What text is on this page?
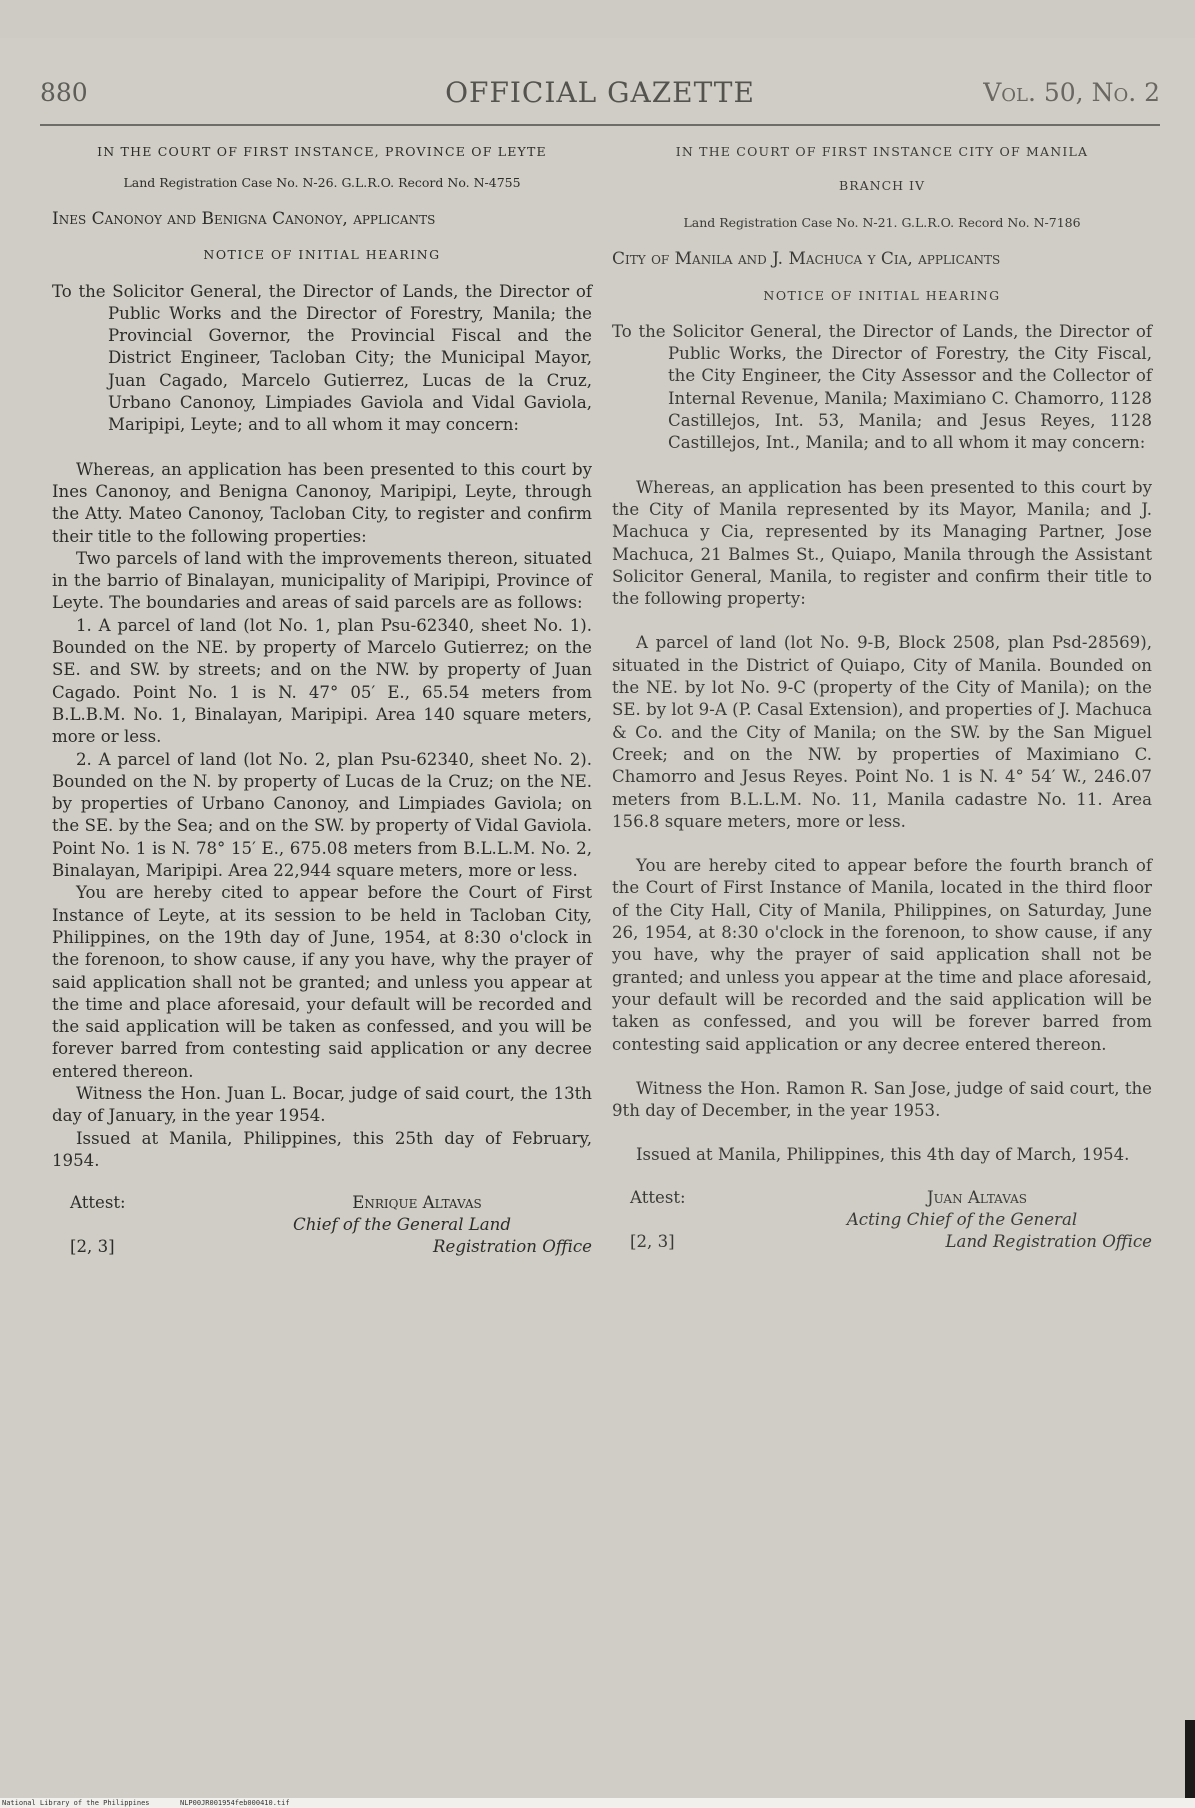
880	OFFICIAL GAZETTE	Vol. 50, No. 2
IN THE COURT OF FIRST INSTANCE, PROVINCE OF LEYTE
Land Registration Case No. N-26. G.L.R.O. Record No. N-4755
Ines Canonoy and Benigna Canonoy, applicants
NOTICE OF INITIAL HEARING
To the Solicitor General, the Director of Lands, the Director of Public Works and the Director of Forestry, Manila; the Provincial Governor, the Provincial Fiscal and the District Engineer, Tacloban City; the Municipal Mayor, Juan Cagado, Marcelo Gutierrez, Lucas de la Cruz, Urbano Canonoy, Limpiades Gaviola and Vidal Gaviola, Maripipi, Leyte; and to all whom it may concern:

Whereas, an application has been presented to this court by Ines Canonoy, and Benigna Canonoy, Maripipi, Leyte, through the Atty. Mateo Canonoy, Tacloban City, to register and confirm their title to the following properties:

Two parcels of land with the improvements thereon, situated in the barrio of Binalayan, municipality of Maripipi, Province of Leyte. The boundaries and areas of said parcels are as follows:

1. A parcel of land (lot No. 1, plan Psu-62340, sheet No. 1). Bounded on the NE. by property of Marcelo Gutierrez; on the SE. and SW. by streets; and on the NW. by property of Juan Cagado. Point No. 1 is N. 47° 05′ E., 65.54 meters from B.L.B.M. No. 1, Binalayan, Maripipi. Area 140 square meters, more or less.

2. A parcel of land (lot No. 2, plan Psu-62340, sheet No. 2). Bounded on the N. by property of Lucas de la Cruz; on the NE. by properties of Urbano Canonoy, and Limpiades Gaviola; on the SE. by the Sea; and on the SW. by property of Vidal Gaviola. Point No. 1 is N. 78° 15′ E., 675.08 meters from B.L.L.M. No. 2, Binalayan, Maripipi. Area 22,944 square meters, more or less.

You are hereby cited to appear before the Court of First Instance of Leyte, at its session to be held in Tacloban City, Philippines, on the 19th day of June, 1954, at 8:30 o'clock in the forenoon, to show cause, if any you have, why the prayer of said application shall not be granted; and unless you appear at the time and place aforesaid, your default will be recorded and the said application will be taken as confessed, and you will be forever barred from contesting said application or any decree entered thereon.

Witness the Hon. Juan L. Bocar, judge of said court, the 13th day of January, in the year 1954.

Issued at Manila, Philippines, this 25th day of February, 1954.

Attest:	Enrique Altavas
Chief of the General Land
Registration Office
[2, 3]
IN THE COURT OF FIRST INSTANCE CITY OF MANILA
BRANCH IV
Land Registration Case No. N-21. G.L.R.O. Record No. N-7186
City of Manila and J. Machuca y Cia, applicants
NOTICE OF INITIAL HEARING
To the Solicitor General, the Director of Lands, the Director of Public Works, the Director of Forestry, the City Fiscal, the City Engineer, the City Assessor and the Collector of Internal Revenue, Manila; Maximiano C. Chamorro, 1128 Castillejos, Int. 53, Manila; and Jesus Reyes, 1128 Castillejos, Int., Manila; and to all whom it may concern:

Whereas, an application has been presented to this court by the City of Manila represented by its Mayor, Manila; and J. Machuca y Cia, represented by its Managing Partner, Jose Machuca, 21 Balmes St., Quiapo, Manila through the Assistant Solicitor General, Manila, to register and confirm their title to the following property:

A parcel of land (lot No. 9-B, Block 2508, plan Psd-28569), situated in the District of Quiapo, City of Manila. Bounded on the NE. by lot No. 9-C (property of the City of Manila); on the SE. by lot 9-A (P. Casal Extension), and properties of J. Machuca & Co. and the City of Manila; on the SW. by the San Miguel Creek; and on the NW. by properties of Maximiano C. Chamorro and Jesus Reyes. Point No. 1 is N. 4° 54′ W., 246.07 meters from B.L.L.M. No. 11, Manila cadastre No. 11. Area 156.8 square meters, more or less.

You are hereby cited to appear before the fourth branch of the Court of First Instance of Manila, located in the third floor of the City Hall, City of Manila, Philippines, on Saturday, June 26, 1954, at 8:30 o'clock in the forenoon, to show cause, if any you have, why the prayer of said application shall not be granted; and unless you appear at the time and place aforesaid, your default will be recorded and the said application will be taken as confessed, and you will be forever barred from contesting said application or any decree entered thereon.

Witness the Hon. Ramon R. San Jose, judge of said court, the 9th day of December, in the year 1953.

Issued at Manila, Philippines, this 4th day of March, 1954.

Attest:	Juan Altavas
Acting Chief of the General
Land Registration Office
[2, 3]
National Library of the Philippines	NLP00JR001954feb000410.tif
